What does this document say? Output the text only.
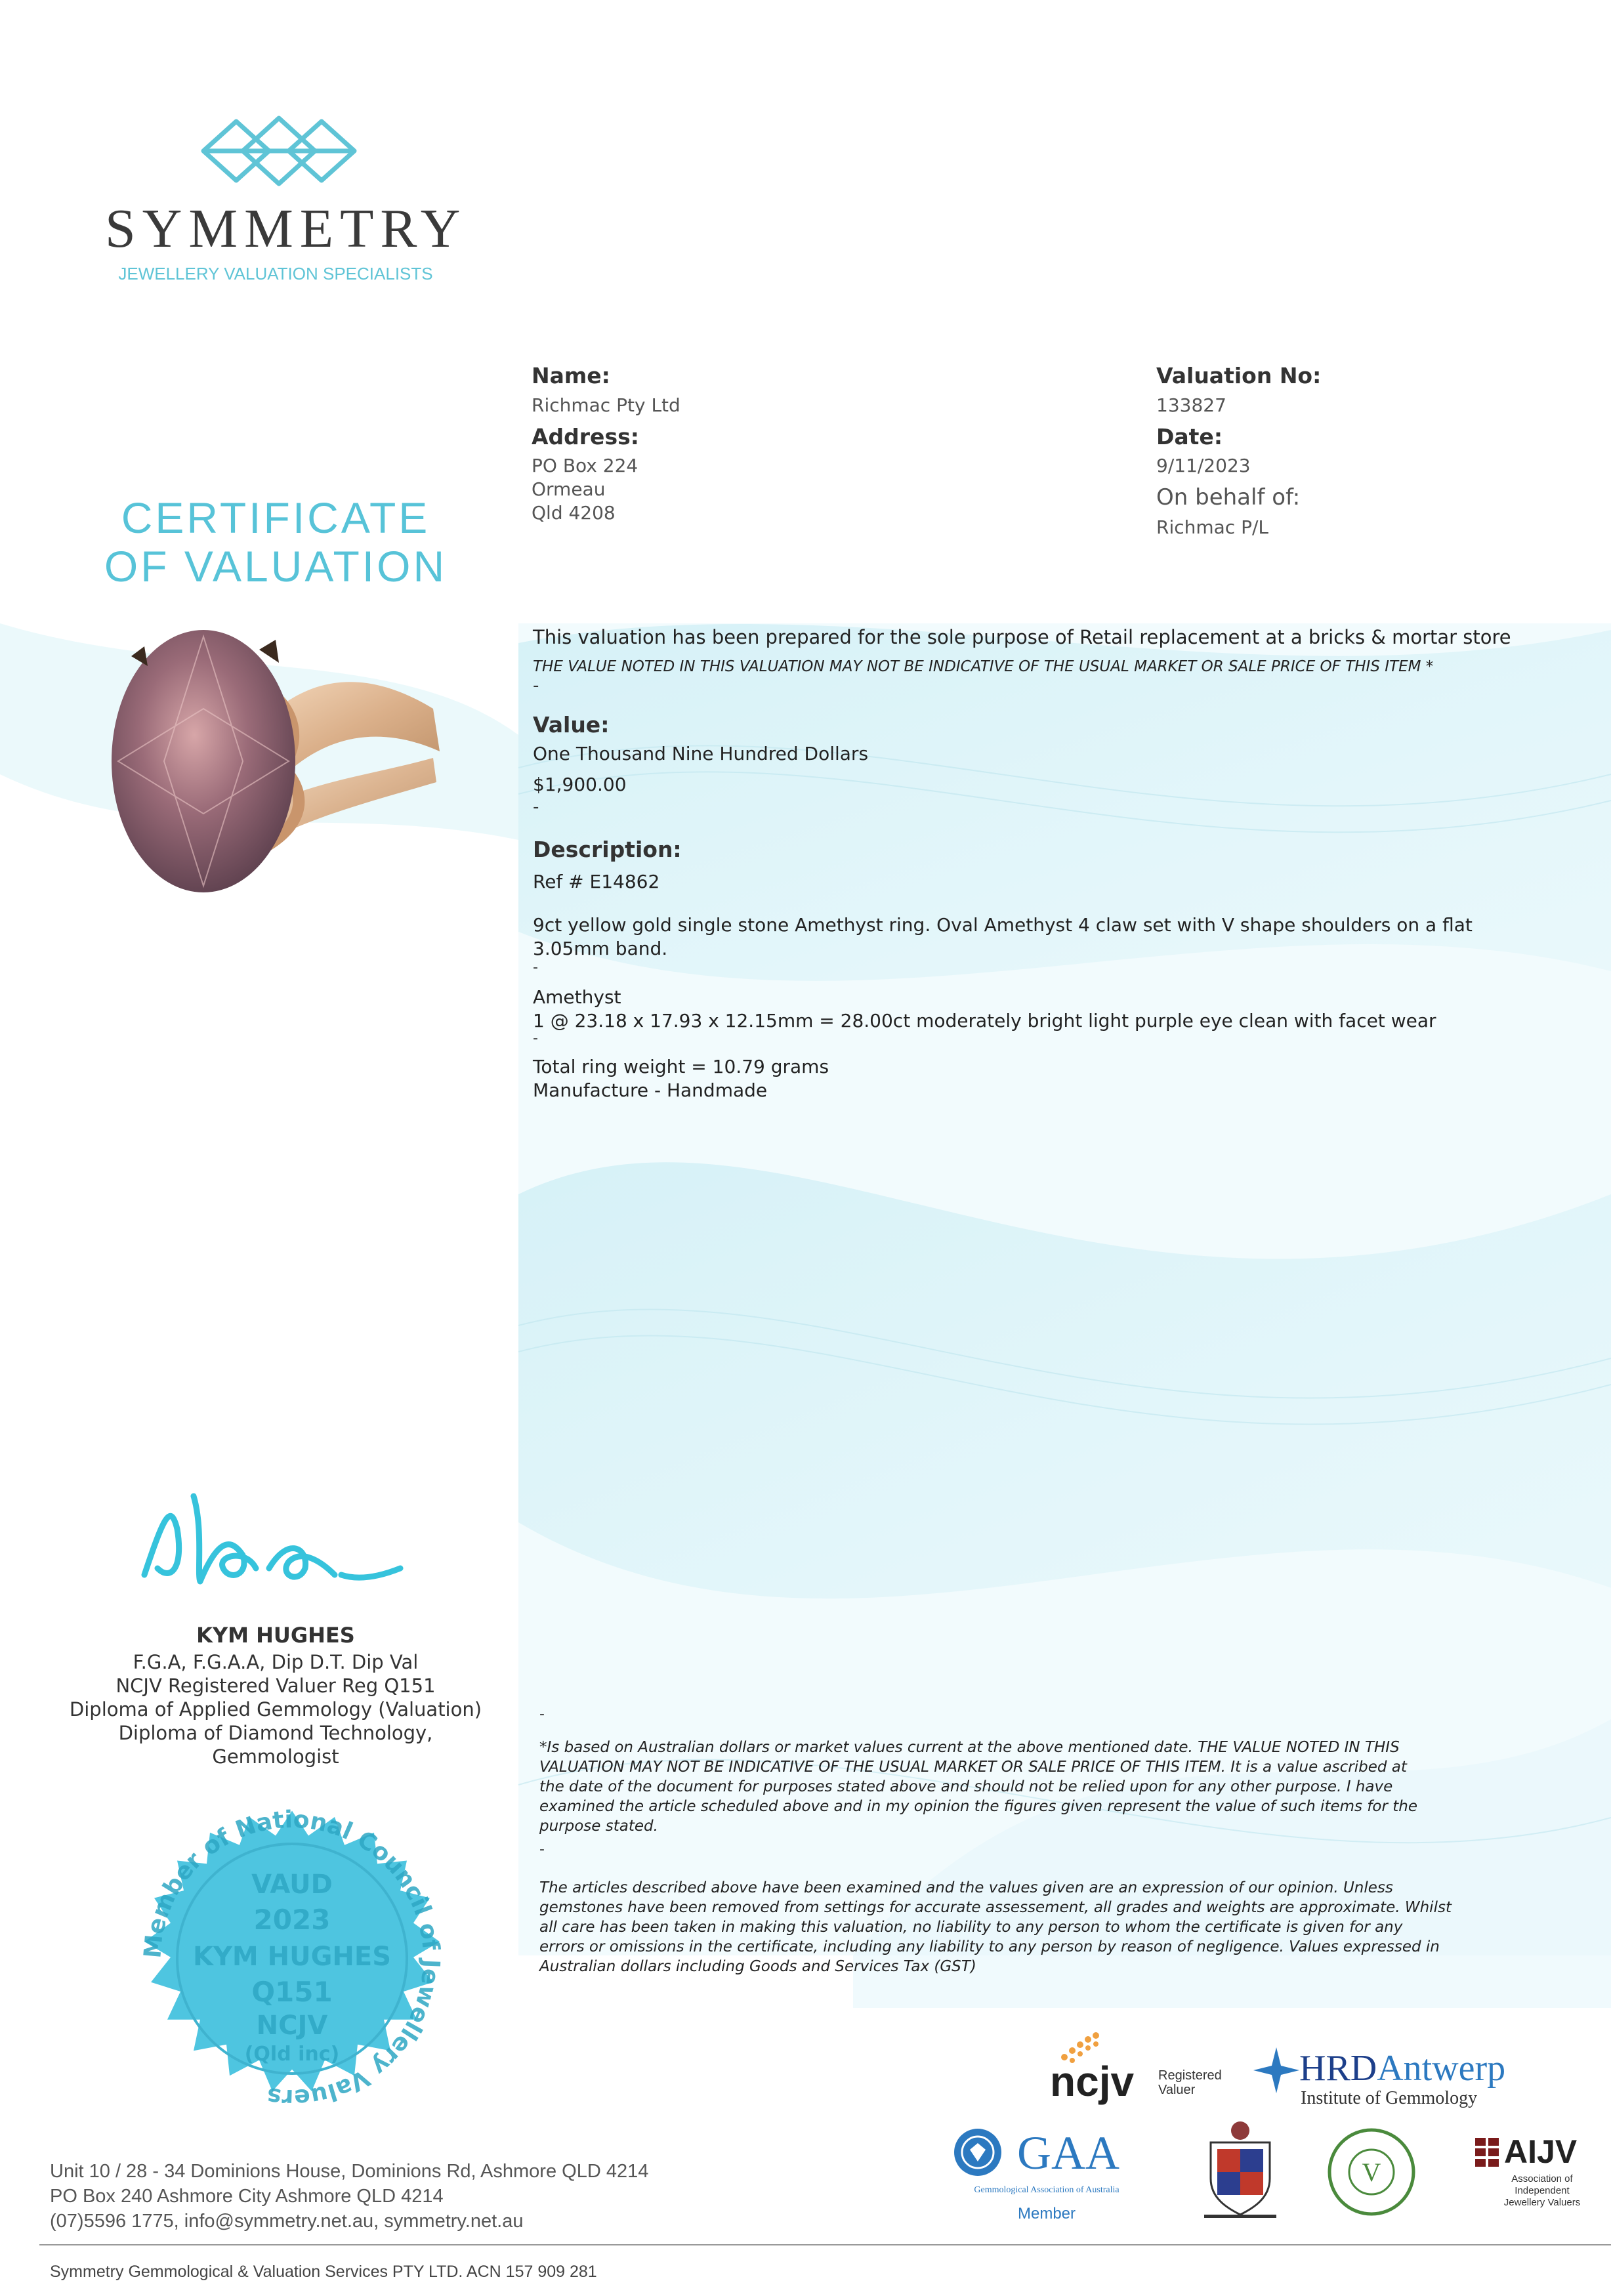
SYMMETRY
JEWELLERY VALUATION SPECIALISTS
CERTIFICATE
OF VALUATION
Name:
Richmac Pty Ltd
Address:
PO Box 224
Ormeau
Qld 4208
Valuation No:
133827
Date:
9/11/2023
On behalf of:
Richmac P/L
This valuation has been prepared for the sole purpose of Retail replacement at a bricks & mortar store
THE VALUE NOTED IN THIS VALUATION MAY NOT BE INDICATIVE OF THE USUAL MARKET OR SALE PRICE OF THIS ITEM *
-
Value:
One Thousand Nine Hundred Dollars
$1,900.00
-
Description:
Ref # E14862
9ct yellow gold single stone Amethyst ring. Oval Amethyst 4 claw set with V shape shoulders on a flat
3.05mm band.
-
Amethyst
1 @ 23.18 x 17.93 x 12.15mm = 28.00ct moderately bright light purple eye clean with facet wear
-
Total ring weight = 10.79 grams
Manufacture - Handmade
KYM HUGHES
F.G.A, F.G.A.A, Dip D.T. Dip Val
NCJV Registered Valuer Reg Q151
Diploma of Applied Gemmology (Valuation)
Diploma of Diamond Technology,
Gemmologist
Member of National Council of Jewellery Valuers
VAUD
2023
KYM HUGHES
Q151
NCJV
(Qld inc)
-
*Is based on Australian dollars or market values current at the above mentioned date. THE VALUE NOTED IN THIS
VALUATION MAY NOT BE INDICATIVE OF THE USUAL MARKET OR SALE PRICE OF THIS ITEM. It is a value ascribed at
the date of the document for purposes stated above and should not be relied upon for any other purpose. I have
examined the article scheduled above and in my opinion the figures given represent the value of such items for the
purpose stated.
-
The articles described above have been examined and the values given are an expression of our opinion. Unless
gemstones have been removed from settings for accurate assessement, all grades and weights are approximate. Whilst
all care has been taken in making this valuation, no liability to any person to whom the certificate is given for any
errors or omissions in the certificate, including any liability to any person by reason of negligence. Values expressed in
Australian dollars including Goods and Services Tax (GST)
ncjv Registered
Valuer
HRDAntwerp
Institute of Gemmology
GAA
Gemmological Association of Australia
Member
V
AIJV
Association of
Independent
Jewellery Valuers
Unit 10 / 28 - 34 Dominions House, Dominions Rd, Ashmore QLD 4214
PO Box 240 Ashmore City Ashmore QLD 4214
(07)5596 1775, info@symmetry.net.au, symmetry.net.au
Symmetry Gemmological & Valuation Services PTY LTD. ACN 157 909 281
